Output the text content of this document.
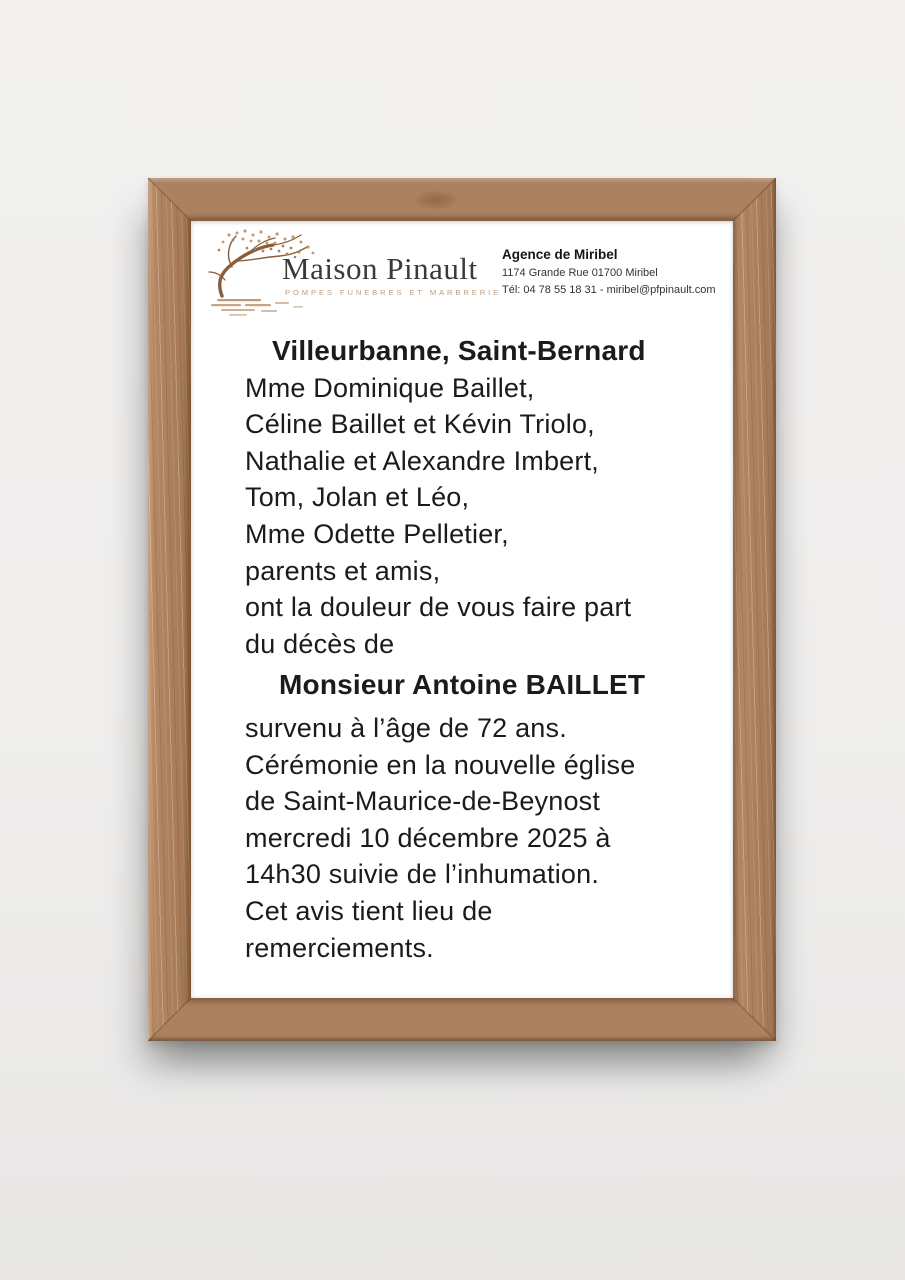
Maison Pinault
POMPES FUNEBRES ET MARBRERIE
Agence de Miribel
1174 Grande Rue 01700 Miribel
Tél: 04 78 55 18 31 - miribel@pfpinault.com
Villeurbanne, Saint-Bernard
Mme Dominique Baillet,
Céline Baillet et Kévin Triolo,
Nathalie et Alexandre Imbert,
Tom, Jolan et Léo,
Mme Odette Pelletier,
parents et amis,
ont la douleur de vous faire part
du décès de
Monsieur Antoine BAILLET
survenu à l’âge de 72 ans.
Cérémonie en la nouvelle église
de Saint-Maurice-de-Beynost
mercredi 10 décembre 2025 à
14h30 suivie de l’inhumation.
Cet avis tient lieu de
remerciements.
